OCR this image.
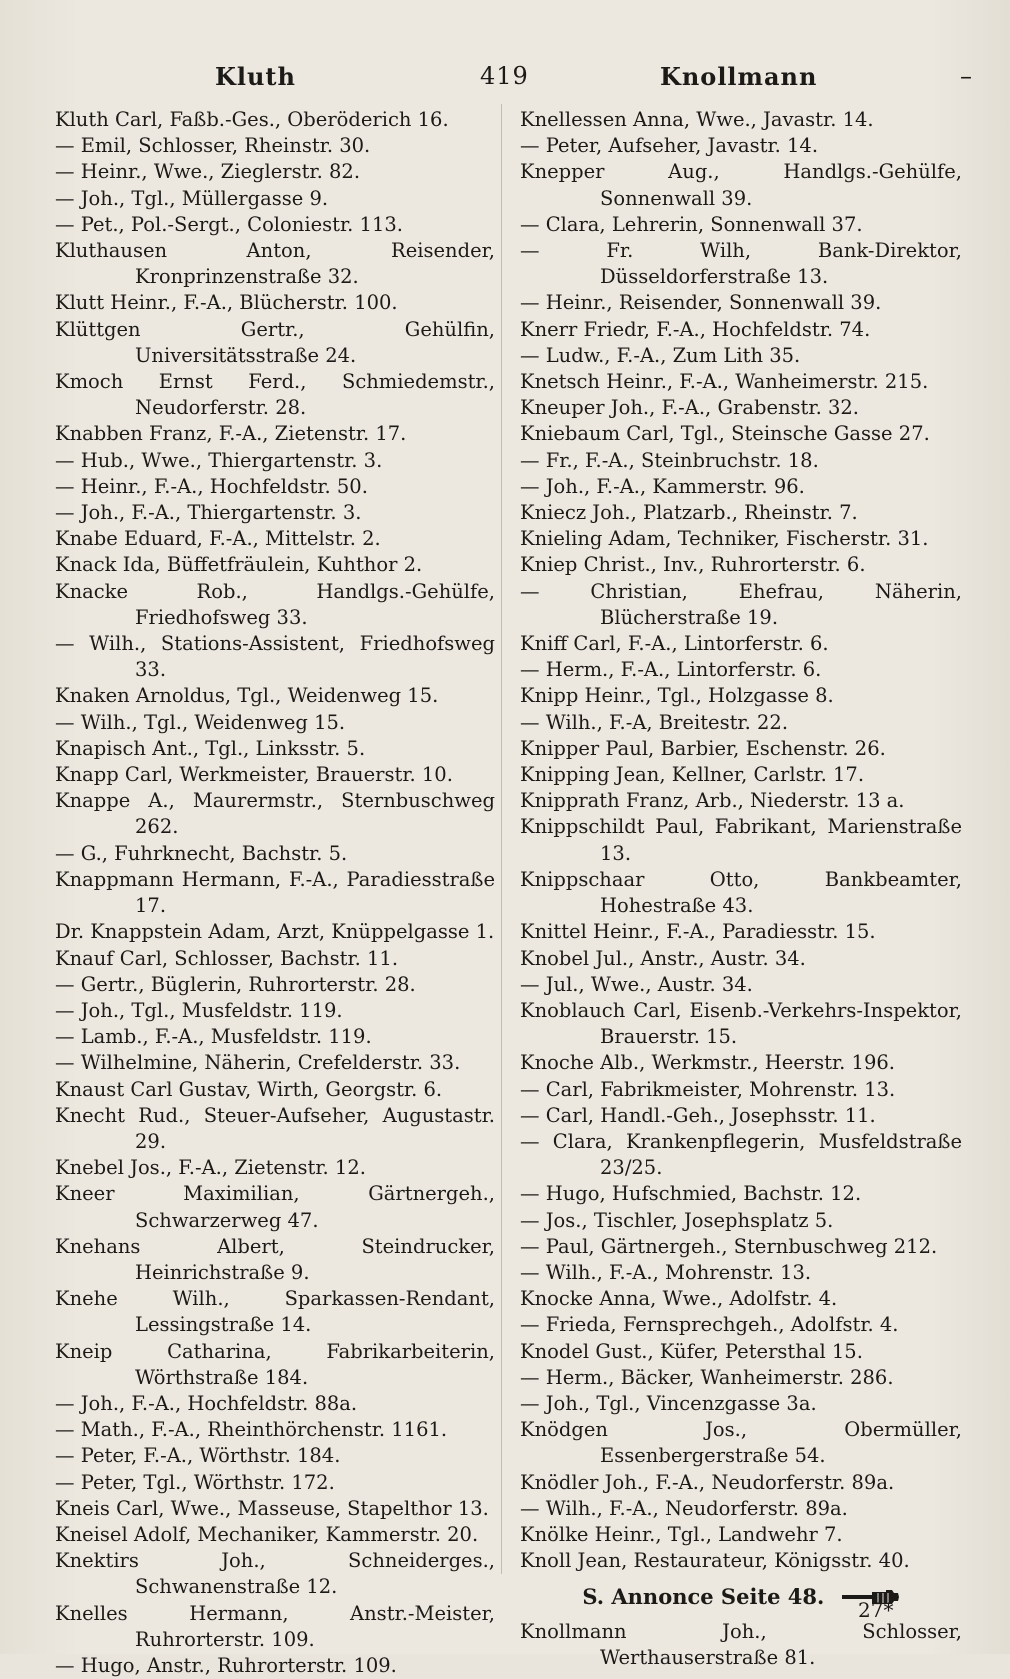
Kluth	419	Knollmann	–
Kluth Carl, Faßb.-Ges., Oberöderich 16.
— Emil, Schlosser, Rheinstr. 30.
— Heinr., Wwe., Zieglerstr. 82.
— Joh., Tgl., Müllergasse 9.
— Pet., Pol.-Sergt., Coloniestr. 113.
Kluthausen Anton, Reisender, Kronprinzenstraße 32.
Klutt Heinr., F.-A., Blücherstr. 100.
Klüttgen Gertr., Gehülfin, Universitätsstraße 24.
Kmoch Ernst Ferd., Schmiedemstr., Neudorferstr. 28.
Knabben Franz, F.-A., Zietenstr. 17.
— Hub., Wwe., Thiergartenstr. 3.
— Heinr., F.-A., Hochfeldstr. 50.
— Joh., F.-A., Thiergartenstr. 3.
Knabe Eduard, F.-A., Mittelstr. 2.
Knack Ida, Büffetfräulein, Kuhthor 2.
Knacke Rob., Handlgs.-Gehülfe, Friedhofsweg 33.
— Wilh., Stations-Assistent, Friedhofsweg 33.
Knaken Arnoldus, Tgl., Weidenweg 15.
— Wilh., Tgl., Weidenweg 15.
Knapisch Ant., Tgl., Linksstr. 5.
Knapp Carl, Werkmeister, Brauerstr. 10.
Knappe A., Maurermstr., Sternbuschweg 262.
— G., Fuhrknecht, Bachstr. 5.
Knappmann Hermann, F.-A., Paradiesstraße 17.
Dr. Knappstein Adam, Arzt, Knüppelgasse 1.
Knauf Carl, Schlosser, Bachstr. 11.
— Gertr., Büglerin, Ruhrorterstr. 28.
— Joh., Tgl., Musfeldstr. 119.
— Lamb., F.-A., Musfeldstr. 119.
— Wilhelmine, Näherin, Crefelderstr. 33.
Knaust Carl Gustav, Wirth, Georgstr. 6.
Knecht Rud., Steuer-Aufseher, Augustastr. 29.
Knebel Jos., F.-A., Zietenstr. 12.
Kneer Maximilian, Gärtnergeh., Schwarzerweg 47.
Knehans Albert, Steindrucker, Heinrichstraße 9.
Knehe Wilh., Sparkassen-Rendant, Lessingstraße 14.
Kneip Catharina, Fabrikarbeiterin, Wörthstraße 184.
— Joh., F.-A., Hochfeldstr. 88a.
— Math., F.-A., Rheinthörchenstr. 1161.
— Peter, F.-A., Wörthstr. 184.
— Peter, Tgl., Wörthstr. 172.
Kneis Carl, Wwe., Masseuse, Stapelthor 13.
Kneisel Adolf, Mechaniker, Kammerstr. 20.
Knektirs Joh., Schneiderges., Schwanenstraße 12.
Knelles Hermann, Anstr.-Meister, Ruhrorterstr. 109.
— Hugo, Anstr., Ruhrorterstr. 109.
Knellessen Anna, Wwe., Javastr. 14.
— Peter, Aufseher, Javastr. 14.
Knepper Aug., Handlgs.-Gehülfe, Sonnenwall 39.
— Clara, Lehrerin, Sonnenwall 37.
— Fr. Wilh, Bank-Direktor, Düsseldorferstraße 13.
— Heinr., Reisender, Sonnenwall 39.
Knerr Friedr, F.-A., Hochfeldstr. 74.
— Ludw., F.-A., Zum Lith 35.
Knetsch Heinr., F.-A., Wanheimerstr. 215.
Kneuper Joh., F.-A., Grabenstr. 32.
Kniebaum Carl, Tgl., Steinsche Gasse 27.
— Fr., F.-A., Steinbruchstr. 18.
— Joh., F.-A., Kammerstr. 96.
Kniecz Joh., Platzarb., Rheinstr. 7.
Knieling Adam, Techniker, Fischerstr. 31.
Kniep Christ., Inv., Ruhrorterstr. 6.
— Christian, Ehefrau, Näherin, Blücherstraße 19.
Kniff Carl, F.-A., Lintorferstr. 6.
— Herm., F.-A., Lintorferstr. 6.
Knipp Heinr., Tgl., Holzgasse 8.
— Wilh., F.-A, Breitestr. 22.
Knipper Paul, Barbier, Eschenstr. 26.
Knipping Jean, Kellner, Carlstr. 17.
Knipprath Franz, Arb., Niederstr. 13 a.
Knippschildt Paul, Fabrikant, Marienstraße 13.
Knippschaar Otto, Bankbeamter, Hohestraße 43.
Knittel Heinr., F.-A., Paradiesstr. 15.
Knobel Jul., Anstr., Austr. 34.
— Jul., Wwe., Austr. 34.
Knoblauch Carl, Eisenb.-Verkehrs-Inspektor, Brauerstr. 15.
Knoche Alb., Werkmstr., Heerstr. 196.
— Carl, Fabrikmeister, Mohrenstr. 13.
— Carl, Handl.-Geh., Josephsstr. 11.
— Clara, Krankenpflegerin, Musfeldstraße 23/25.
— Hugo, Hufschmied, Bachstr. 12.
— Jos., Tischler, Josephsplatz 5.
— Paul, Gärtnergeh., Sternbuschweg 212.
— Wilh., F.-A., Mohrenstr. 13.
Knocke Anna, Wwe., Adolfstr. 4.
— Frieda, Fernsprechgeh., Adolfstr. 4.
Knodel Gust., Küfer, Petersthal 15.
— Herm., Bäcker, Wanheimerstr. 286.
— Joh., Tgl., Vincenzgasse 3a.
Knödgen Jos., Obermüller, Essenbergerstraße 54.
Knödler Joh., F.-A., Neudorferstr. 89a.
— Wilh., F.-A., Neudorferstr. 89a.
Knölke Heinr., Tgl., Landwehr 7.
Knoll Jean, Restaurateur, Königsstr. 40.
S. Annonce Seite 48.
Knollmann Joh., Schlosser, Werthauserstraße 81.
27*
